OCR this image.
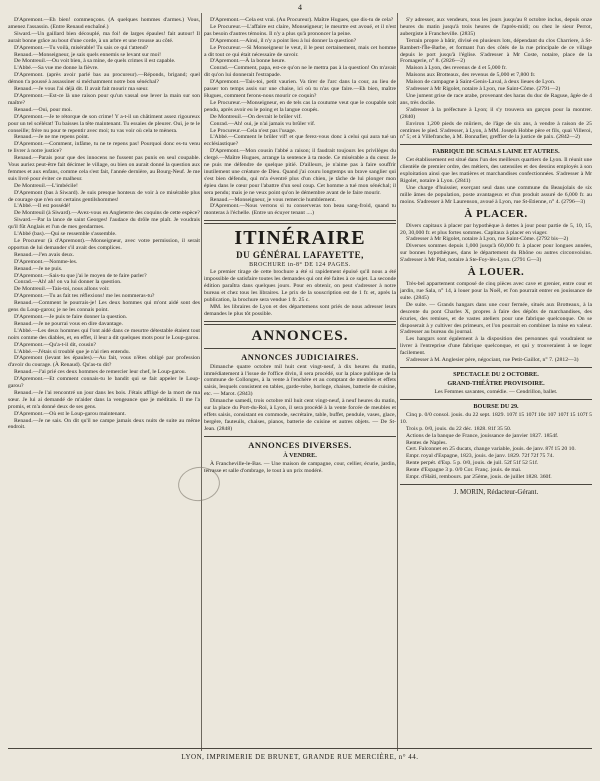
4

D'Apremont.—Eh bien! commençons. (À quelques hommes d'armes.) Vous, amenez l'assassin. (Entre Renaud enchaîné.)

Siward.—Un gaillard bien découplé, ma foi! de larges épaules! fait autour! Il aurait bonne grâce au bout d'une corde, à un arbre et une trousse au côté.

D'Apremont.—Tu voilà, misérable! Tu sais ce qui t'attend?

Renaud.—Monseigneur, je sais quels ennemis se levant sur moi!

De Montreuil.—Ou voit bien, à sa mine, de quels crimes il est capable.

L'Abbé.—Sa vue me donne la fièvre.

D'Apremont. (après avoir parlé bas au procureur).—Réponds, brigand; quel démon t'a poussé à assassiner si méchamment notre bon sénéchal?

Renaud.—Je vous l'ai déjà dit. Il avait fait mourir ma sœur.

D'Apremont.—Est-ce là une raison pour qu'un vassal ose lever la main sur son maître?

Renaud.—Oui, pour moi.

D'Apremont.—Je te rétorque de son crime! Y a-t-il un châtiment assez rigoureux pour un tel scélérat! Tu baisses la tête maintenant. Tu essaies de pleurer. Oui, je te le conseille; frère nu pour te repentir avec moi; tu vas voir où cela te mènera.

Renaud.—Je ne me repens point.

D'Apremont.—Comment, infâme, tu ne te repens pas! Pourquoi donc es-tu venu te livrer à notre justice?

Renaud.—Parais pour que des innocens ne fussent pas punis en seul coupable. Vous auriez peut-être fait décimer le village, ou bien on aurait donné la question aux femmes et aux enfans, comme cela s'est fait, l'année dernière, au Bourg-Neuf. Je me suis livré pour éviter ce malheur.

De Montreuil.—L'imbécile!

D'Apremont (bas à Siward). Je suis presque honteux de voir à ce misérable plus de courage que n'en ont certains gentilshommes!

L'Abbé.—Il est possédé!

De Montreuil (à Siward).—Avez-vous en Angleterre des coquins de cette espèce?

Siward.—Par la lance de saint Georges! l'audace du drôle me plaît. Je voudrais qu'il fût Anglais et l'un de mes gendarmes.

L'Abbé (bas).—Qui se ressemble s'assemble.

Le Procureur (à d'Apremont).—Monseigneur, avec votre permission, il serait opportun de lui demander s'il avait des complices.

Renaud.—J'en avais deux.

D'Apremont.—Nomme-les.

Renaud.—Je ne puis.

D'Apremont.—Sais-tu que j'ai le moyen de te faire parler?

Conrad.—Ah! ah! on va lui donner la question.

De Montreuil.—Tais-toi, nous allons voir.

D'Apremont.—Tu as fait tes réflexions! me les nommeras-tu?

Renaud.—Comment le pourrais-je! Les deux hommes qui m'ont aidé sont des gens du Loup-garou; je ne les connais point.

D'Apremont.—Je puis te faire donner la question.

Renaud.—Je ne pourrai vous en dire davantage.

L'Abbé.—Les deux hommes qui l'ont aidé dans ce meurtre détestable étaient tout noirs comme des diables, et, en effet, il leur a dit quelques mots pour le Loup-garou.

D'Apremont.—Qu'a-t-il dit, cousin?

L'Abbé.—J'étais si troublé que je n'ai rien entendu.

D'Apremont (levant les épaules).—Au fait, vous n'êtes obligé par profession d'avoir du courage. (À Renaud). Qu'as-tu dit?

Renaud.—J'ai prié ces deux hommes de remercier leur chef, le Loup-garou.

D'Apremont.—Et comment connais-tu le bandit qui se fait appeler le Loup-garou?

Renaud.—Je l'ai rencontré un jour dans les bois. J'étais affligé de la mort de ma sœur. Je lui ai demandé de m'aider dans la vengeance que je méditais. Il me l'a promis, et m'a donné deux de ses gens.

D'Apremont.—Où est le Loup-garou maintenant.

Renaud.—Je ne sais. On dit qu'il ne campe jamais deux nuits de suite au même endroit.

D'Apremont.—Cela est vrai. (Au Procureur). Maître Hugues, que dis-tu de cela?

Le Procureur.—L'affaire est claire, Monseigneur; le meurtre est avoué, et il n'est pas besoin d'autres témoins. Il n'y a plus qu'à prononcer la peine.

D'Apremont.—Ainsi, il n'y a point lieu à lui donner la question?

Le Procureur.—Si Monseigneur le veut, il le peut certainement, mais cet homme a dit tout ce qui était nécessaire de savoir.

D'Apremont.—À la bonne heure.

Conrad.—Comment, papa, est-ce qu'on ne le mettra pas à la question! On m'avait dit qu'on lui donnerait l'estrapade.

D'Apremont.—Tais-toi, petit vaurien. Va tirer de l'arc dans la cour, au lieu de passer ton temps assis sur une chaise, ici où tu n'as que faire.—Eh bien, maître Hugues, comment ferons-nous mourir ce coquin?

Le Procureur.—Monseigneur, en de tels cas la coutume veut que le coupable soit pendu, après avoir eu le poing et la langue coupés.

De Montreuil.—On devrait le brûler vif.

Conrad.—Ah! oui, je n'ai jamais vu brûler vif.

Le Procureur.—Cela n'est pas l'usage.

L'Abbé.—Comment le brûler vif! et que ferez-vous donc à celui qui aura tué un ecclésiastique?

D'Apremont.—Mon cousin l'abbé a raison; il faudrait toujours les privilèges du clergé.—Maître Hugues, arrange la sentence à ta mode. Ce misérable a du cœur. Je ne puis me défendre de quelque pitié. D'ailleurs, je n'aime pas à faire souffrir inutilement une créature de Dieu. Quand j'ai couru longtemps un brave sanglier qui s'est bien défendu, qui m'a éventré plus d'un chien, je tâche de lui plonger mon épieu dans le cœur pour l'abattre d'un seul coup. Cet homme a tué mon sénéchal; il sera pendu; mais je ne veux point qu'on le démembre avant de le faire mourir.

Renaud.—Monseigneur, je vous remercie humblement.

D'Apremont.—Nous verrons si tu conserveras ton beau sang-froid, quand tu monteras à l'échelle. (Entre un écuyer tenant ....)

ITINÉRAIRE
DU GÉNÉRAL LAFAYETTE,
BROCHURE in-8° DE 124 PAGES.

Le premier tirage de cette brochure a été si rapidement épuisé qu'il nous a été impossible de satisfaire toutes les demandes qui ont été faites à ce sujet. La seconde édition paraîtra dans quelques jours. Pour en obtenir, on peut s'adresser à notre bureau et chez tous les libraires. Le prix de la souscription est de 1 fr. et, après la publication, la brochure sera vendue 1 fr. 25 c.

MM. les libraires de Lyon et des départemens sont priés de nous adresser leurs demandes le plus tôt possible.

ANNONCES.
ANNONCES JUDICIAIRES.

Dimanche quatre octobre mil huit cent vingt-neuf, à dix heures du matin, immédiatement à l'issue de l'office divin, il sera procédé, sur la place publique de la commune de Collonges, à la vente à l'enchère et au comptant de meubles et effets saisis, lesquels consistent en tables, garde-robe, horloge, chaises, batterie de cuisine, etc. — Marot. (2843)

Dimanche samedi, trois octobre mil huit cent vingt-neuf, à neuf heures du matin, sur la place du Port-du-Roi, à Lyon, il sera procédé à la vente forcée de meubles et effets saisis, consistant en commode, secrétaire, table, buffet, pendule, vases, glace, bergère, fauteuils, chaises, pianos, batterie de cuisine et autres objets. — De St-Jean. (2848)

ANNONCES DIVERSES.
À VENDRE.

À Francheville-le-Bas. — Une maison de campagne, cour, cellier, écurie, jardin, terrasse et salle d'ombrage, le tout à un prix modéré.

S'y adresser, aux vendeurs, tous les jours jusqu'au 8 octobre inclus, depuis onze heures du matin jusqu'à trois heures de l'après-midi; ou chez le sieur Perrot, aubergiste à Francheville. (2835)

Terrain propre à bâtir, divisé en plusieurs lots, dépendant du clos Charriere, à St-Rambert-l'Île-Barbe, et formant l'un des côtés de la rue principale de ce village depuis le port jusqu'à l'église. S'adresser à Mr Coste, notaire, place de la Fromagerie, n° 8. (2826—2)

Maison à Lyon, des revenus de 4 et 5,000 fr.

Maisons aux Brotteaux, des revenus de 5,000 et 7,800 fr.

Maison de campagne à Saint-Genis-Laval, à deux lieues de Lyon.

S'adresser à Mr Rigolet, notaire à Lyon, rue Saint-Côme. (2791—2)

Une jument grise de race arabe, provenant des haras du duc de Raguse, âgée de 4 ans, très docile.

S'adresser à la préfecture à Lyon; il s'y trouvera un garçon pour la montrer. (2840)

Environ 1,200 pieds de mûriers, de l'âge de six ans, à vendre à raison de 25 centimes le pied. S'adresser, à Lyon, à MM. Joseph Hobbe père et fils, quai Villeroi, n° 5; et à Villefranche, à M. Bonnafier, greffier de la justice de paix. (2842—2)

FABRIQUE DE SCHALS LAINE ET AUTRES.

Cet établissement est situé dans l'un des meilleurs quartiers de Lyon. Il réunit une clientèle de premier ordre, des métiers, des ustensiles et des dessins employés à son exploitation ainsi que les matières et marchandises confectionnées. S'adresser à Mr Rigolet, notaire à Lyon. (2841)

Une charge d'huissier, exerçant seul dans une commune du Beaujolais de six mille âmes de population, poste avantageux et d'un produit assuré de 6,000 fr. au moins. S'adresser à Mr Laurenson, avoué à Lyon, rue St-Etienne, n° 4. (2796—3)

À PLACER.

Divers capitaux à placer par hypothèque à dettes à jour pour partie de 5, 10, 15, 20, 30,000 fr. et plus fortes sommes. Capitaux à placer en viager.

S'adresser à Mr Rigolet, notaire à Lyon, rue Saint-Côme. (2792 bis—2)

Diverses sommes depuis 1,000 jusqu'à 60,000 fr. à placer pour longues années, sur bonnes hypothèques, dans le département du Rhône ou autres circonvoisins. S'adresser à Mr Piat, notaire à Ste-Foy-lès-Lyon. (2791 G—3)

À LOUER.

Très-bel appartement composé de cinq pièces avec cave et grenier, entre cour et jardin, rue Sala, n° 14, à louer pour la Noël, et l'on pourrait entrer en jouissance de suite. (2845)

De suite. — Grands hangars dans une cour fermée, situés aux Brotteaux, à la descente du pont Charles X, propres à faire des dépôts de marchandises, des écuries, des remises, et de vastes ateliers pour une fabrique quelconque. On se disposerait à y cultiver des primeurs, et l'on pourrait en combiner la mise en valeur. S'adresser au bureau du journal.

Les hangars sont également à la disposition des personnes qui voudraient se livrer à l'entreprise d'une fabrique quelconque, et qui y trouveraient à se loger facilement.

S'adresser à M. Anglesier père, négociant, rue Petit-Gaillot, n° 7. (2812—3)

SPECTACLE DU 2 OCTOBRE.
GRAND-THÉÂTRE PROVISOIRE.

Les Femmes savantes, comédie. — Cendrillon, ballet.

BOURSE DU 29.

Cinq p. 0/0 consol. jouis. du 22 sept. 1829. 107f 15 107f 10c 107 107f 15 107f 5 10.

Trois p. 0/0, jouis. du 22 déc. 1828. 81f 35 50.

Actions de la banque de France, jouissance de janvier 1827. 1854f.

Rentes de Naples.

Cert. Falconnet en 25 ducats, change variable, jouis. de janv. 87f 15 20 10.

Empr. royal d'Espagne, 1823, jouis. de janv. 1829. 72f 72f 75 74.

Rente perpét. d'Esp. 5 p. 0/0, jouis. de juil. 52f 51f 52 51f.

Rente d'Espagne 3 p. 0/0 Cor. Franç. jouis. de mai.

Empr. d'Haïti, rembours. par 25ème, jouis. de juillet 1828. 360f.

J. MORIN, Rédacteur-Gérant.
LYON, IMPRIMERIE DE BRUNET, GRANDE RUE MERCIÈRE, n° 44.
